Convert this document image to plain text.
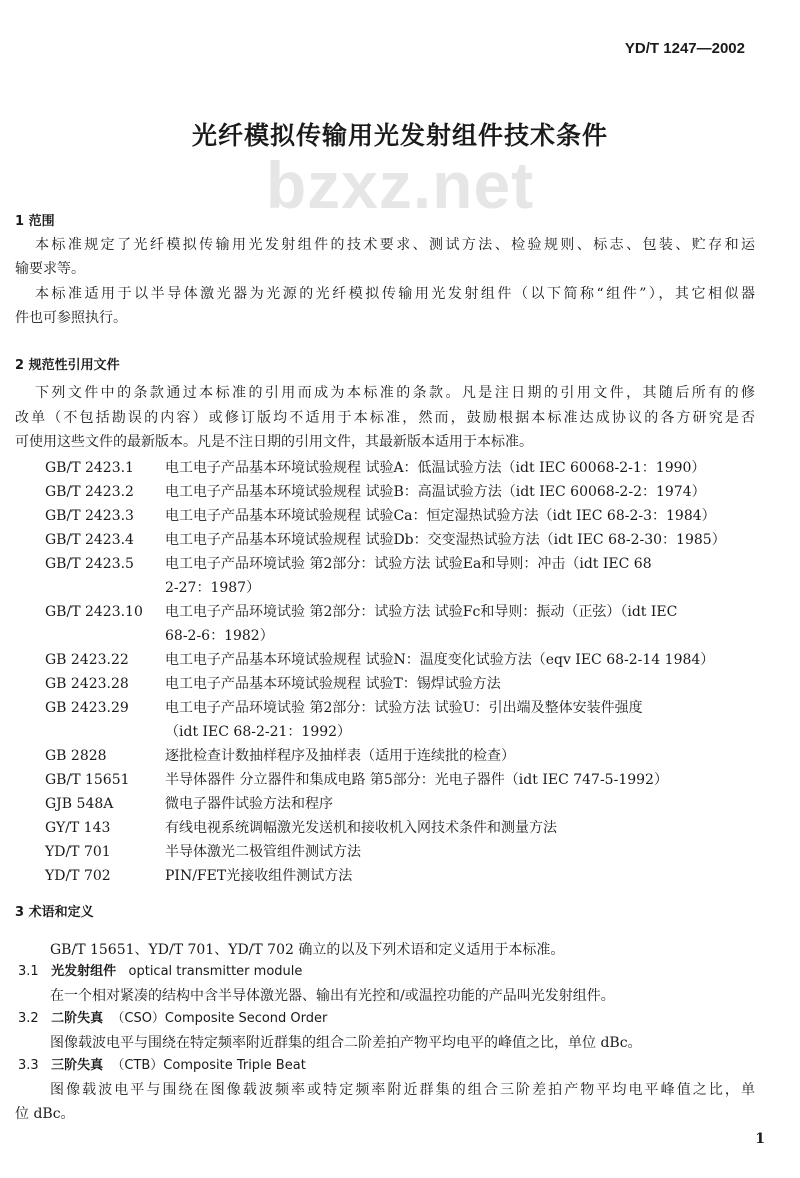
YD/T 1247—2002
bzxz.net
光纤模拟传输用光发射组件技术条件
1 范围
本标准规定了光纤模拟传输用光发射组件的技术要求、测试方法、检验规则、标志、包装、贮存和运
输要求等。
本标准适用于以半导体激光器为光源的光纤模拟传输用光发射组件（以下简称“组件”），其它相似器
件也可参照执行。
2 规范性引用文件
下列文件中的条款通过本标准的引用而成为本标准的条款。凡是注日期的引用文件，其随后所有的修
改单（不包括勘误的内容）或修订版均不适用于本标准，然而，鼓励根据本标准达成协议的各方研究是否
可使用这些文件的最新版本。凡是不注日期的引用文件，其最新版本适用于本标准。
GB/T 2423.1 电工电子产品基本环境试验规程 试验A：低温试验方法（idt IEC 60068-2-1：1990）
GB/T 2423.2 电工电子产品基本环境试验规程 试验B：高温试验方法（idt IEC 60068-2-2：1974）
GB/T 2423.3 电工电子产品基本环境试验规程 试验Ca：恒定湿热试验方法（idt IEC 68-2-3：1984）
GB/T 2423.4 电工电子产品基本环境试验规程 试验Db：交变湿热试验方法（idt IEC 68-2-30：1985）
GB/T 2423.5 电工电子产品环境试验 第2部分：试验方法 试验Ea和导则：冲击（idt IEC 68
2-27：1987）
GB/T 2423.10 电工电子产品环境试验 第2部分：试验方法 试验Fc和导则：振动（正弦）（idt IEC
68-2-6：1982）
GB 2423.22	电工电子产品基本环境试验规程 试验N：温度变化试验方法（eqv IEC 68-2-14 1984）
GB 2423.28	电工电子产品基本环境试验规程 试验T：锡焊试验方法
GB 2423.29	电工电子产品环境试验 第2部分：试验方法 试验U：引出端及整体安装件强度
（idt IEC 68-2-21：1992）
GB 2828	逐批检查计数抽样程序及抽样表（适用于连续批的检查）
GB/T 15651	半导体器件 分立器件和集成电路 第5部分：光电子器件（idt IEC 747-5-1992）
GJB 548A	微电子器件试验方法和程序
GY/T 143	有线电视系统调幅激光发送机和接收机入网技术条件和测量方法
YD/T 701	半导体激光二极管组件测试方法
YD/T 702	PIN/FET光接收组件测试方法
3 术语和定义
GB/T 15651、YD/T 701、YD/T 702 确立的以及下列术语和定义适用于本标准。
3.1 光发射组件 optical transmitter module
在一个相对紧凑的结构中含半导体激光器、输出有光控和/或温控功能的产品叫光发射组件。
3.2 二阶失真 （CSO）Composite Second Order
图像载波电平与围绕在特定频率附近群集的组合二阶差拍产物平均电平的峰值之比，单位 dBc。
3.3 三阶失真 （CTB）Composite Triple Beat
图像载波电平与围绕在图像载波频率或特定频率附近群集的组合三阶差拍产物平均电平峰值之比，单
位 dBc。
1
